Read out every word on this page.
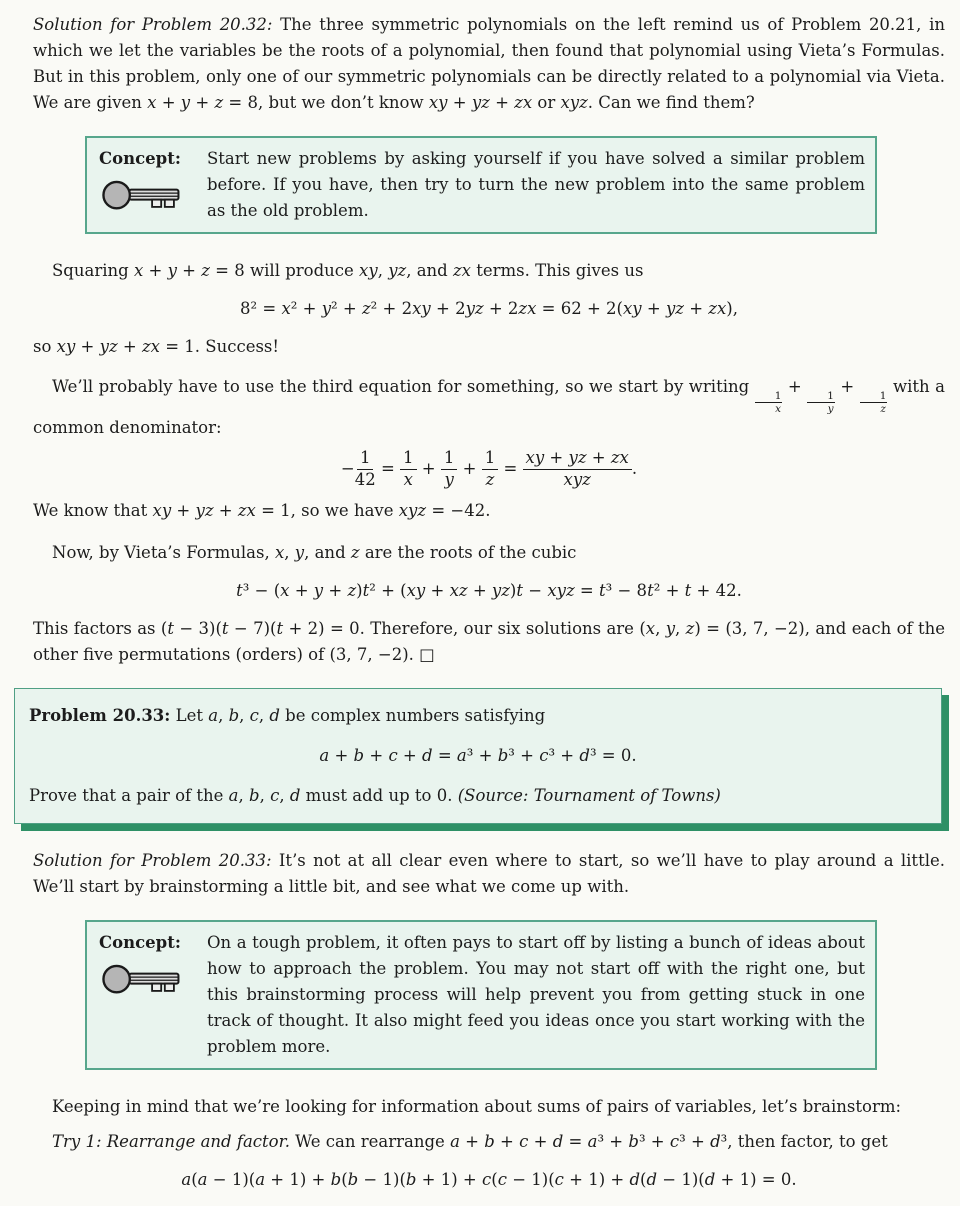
Solution for Problem 20.32: The three symmetric polynomials on the left remind us of Problem 20.21, in which we let the variables be the roots of a polynomial, then found that polynomial using Vieta’s Formulas. But in this problem, only one of our symmetric polynomials can be directly related to a polynomial via Vieta. We are given x + y + z = 8, but we don’t know xy + yz + zx or xyz. Can we find them?

Concept:	Start new problems by asking yourself if you have solved a similar problem before. If you have, then try to turn the new problem into the same problem as the old problem.

Squaring x + y + z = 8 will produce xy, yz, and zx terms. This gives us

8² = x² + y² + z² + 2xy + 2yz + 2zx = 62 + 2(xy + yz + zx),

so xy + yz + zx = 1. Success!

We’ll probably have to use the third equation for something, so we start by writing
$\frac{1}{x}$
+
$\frac{1}{y}$
+
$\frac{1}{z}$
with a common denominator:

− $\frac{1}{42} = \frac{1}{x} + \frac{1}{y} + \frac{1}{z} = \frac{xy + yz + zx}{\text{xyz}}$ .

We know that xy + yz + zx = 1, so we have xyz = −42.

Now, by Vieta’s Formulas, x, y, and z are the roots of the cubic

t³ − (x + y + z)t² + (xy + xz + yz)t − xyz = t³ − 8t² + t + 42.

This factors as (t − 3)(t − 7)(t + 2) = 0. Therefore, our six solutions are (x, y, z) = (3, 7, −2), and each of the other five permutations (orders) of (3, 7, −2). □

Problem 20.33: Let a, b, c, d be complex numbers satisfying

a + b + c + d = a³ + b³ + c³ + d³ = 0.

Prove that a pair of the a, b, c, d must add up to 0. (Source: Tournament of Towns)

Solution for Problem 20.33: It’s not at all clear even where to start, so we’ll have to play around a little. We’ll start by brainstorming a little bit, and see what we come up with.

Concept:	On a tough problem, it often pays to start off by listing a bunch of ideas about how to approach the problem. You may not start off with the right one, but this brainstorming process will help prevent you from getting stuck in one track of thought. It also might feed you ideas once you start working with the problem more.

Keeping in mind that we’re looking for information about sums of pairs of variables, let’s brainstorm:

Try 1: Rearrange and factor. We can rearrange a + b + c + d = a³ + b³ + c³ + d³, then factor, to get

a(a − 1)(a + 1) + b(b − 1)(b + 1) + c(c − 1)(c + 1) + d(d − 1)(d + 1) = 0.
